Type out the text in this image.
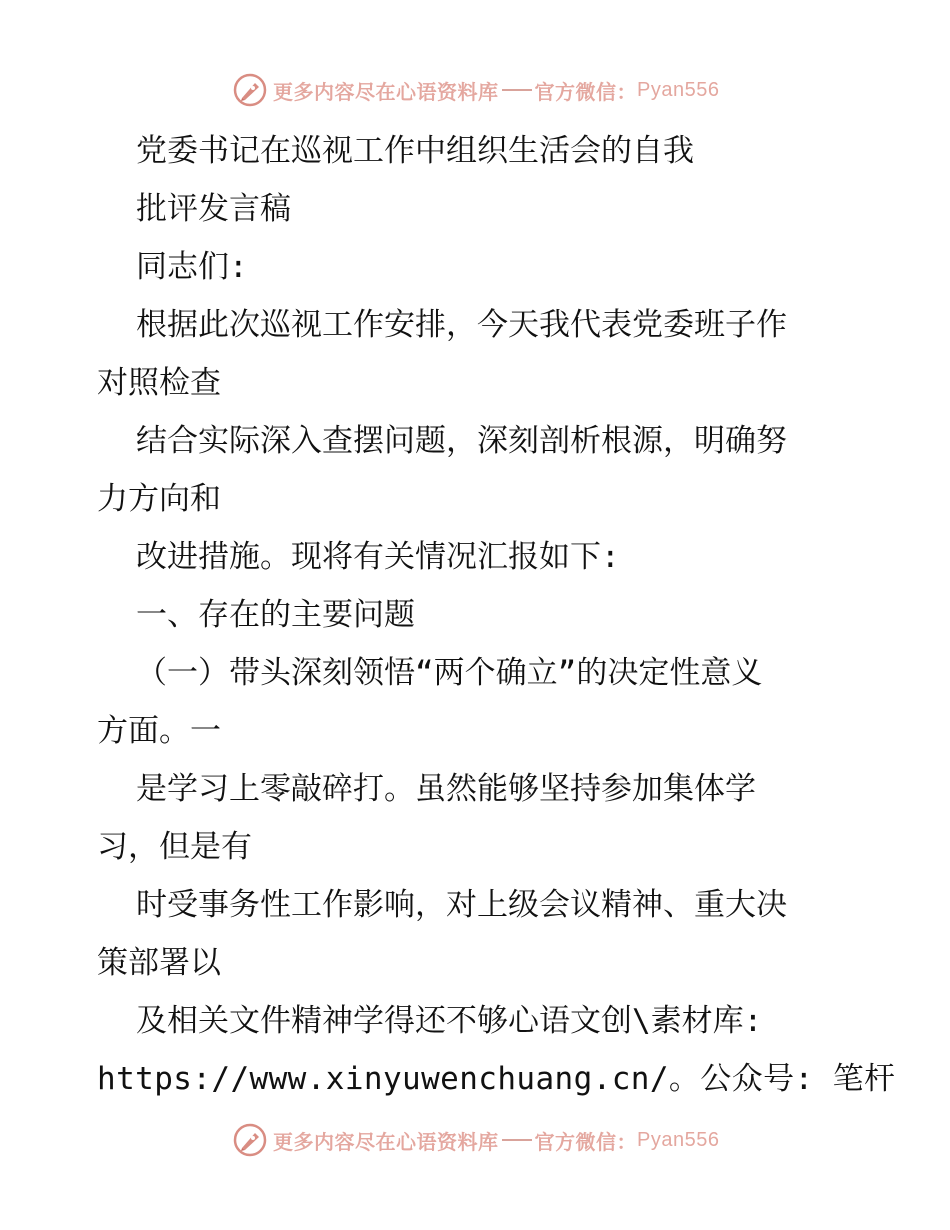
更多内容尽在心语资料库 官方微信： Pyan556
党委书记在巡视工作中组织生活会的自我
批评发言稿
同志们:
根据此次巡视工作安排，今天我代表党委班子作
对照检查
结合实际深入查摆问题，深刻剖析根源，明确努
力方向和
改进措施。现将有关情况汇报如下:
一、存在的主要问题
（一）带头深刻领悟“两个确立”的决定性意义
方面。一
是学习上零敲碎打。虽然能够坚持参加集体学
习，但是有
时受事务性工作影响，对上级会议精神、重大决
策部署以
及相关文件精神学得还不够心语文创\素材库:
https://www.xinyuwenchuang.cn/。公众号: 笔杆
更多内容尽在心语资料库 官方微信： Pyan556
